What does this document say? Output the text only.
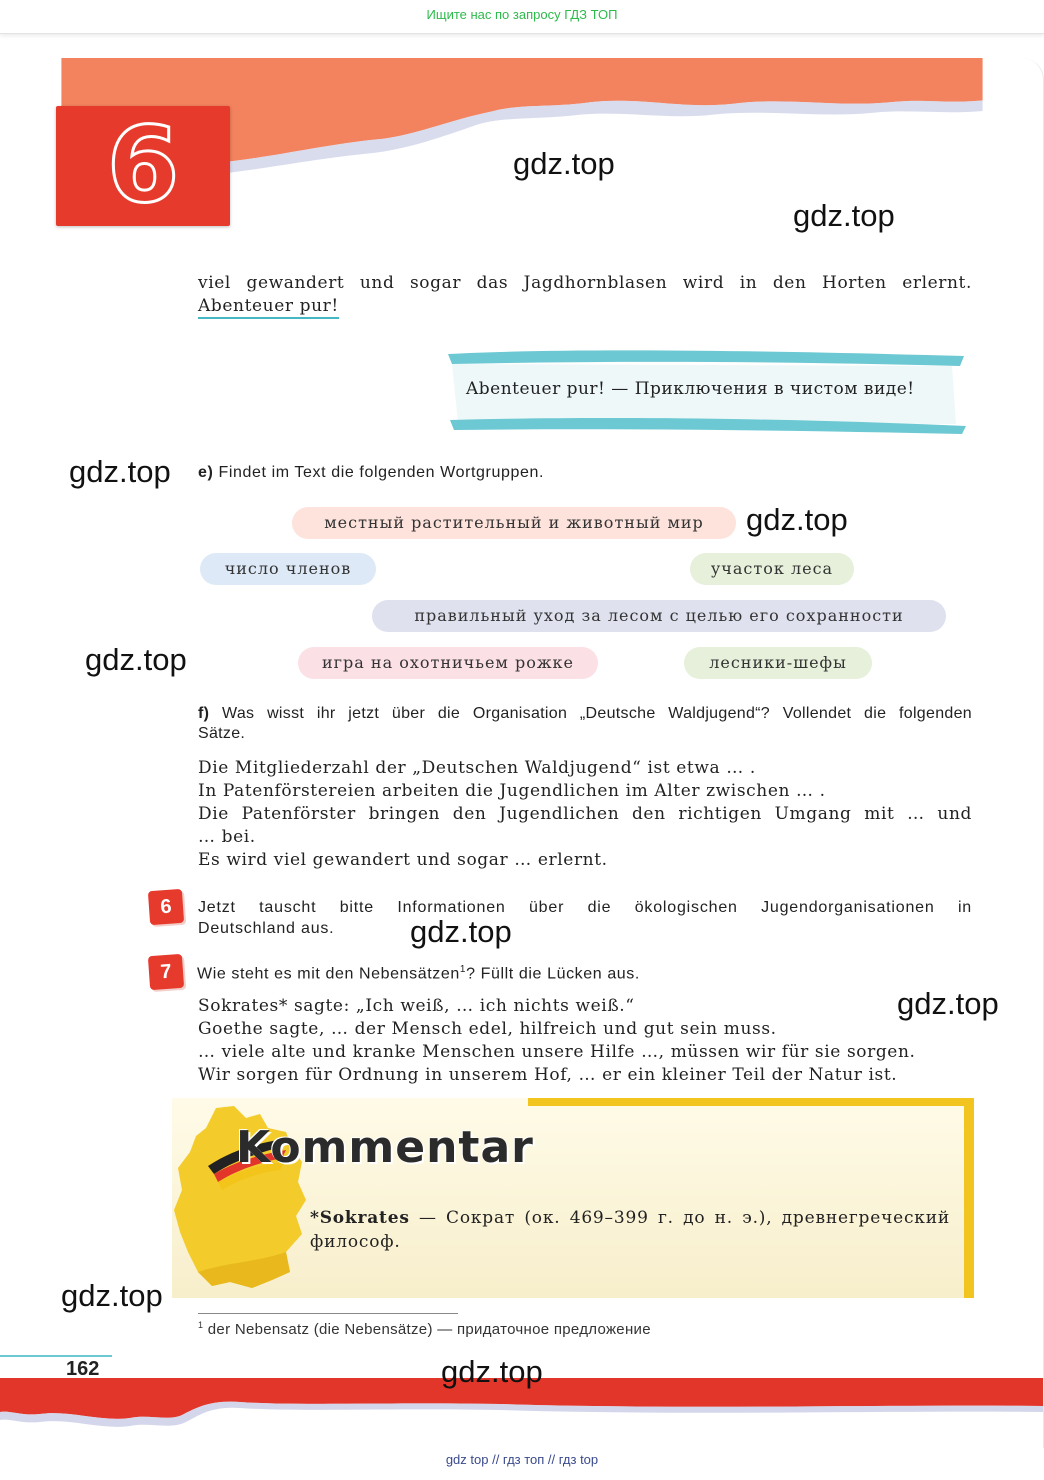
Ищите нас по запросу ГДЗ ТОП
6	gdz.top
gdz.top
viel gewandert und sogar das Jagdhornblasen wird in den Horten erlernt.
Abenteuer pur!
Abenteuer pur! — Приключения в чистом виде!
gdz.top e) Findet im Text die folgenden Wortgruppen.
местный растительный и животный мир	gdz.top
число членов	участок леса
правильный уход за лесом с целью его сохранности
gdz.top	игра на охотничьем рожке	лесники-шефы
f) Was wisst ihr jetzt über die Organisation „Deutsche Waldjugend“? Vollendet die folgenden
Sätze.
Die Mitgliederzahl der „Deutschen Waldjugend“ ist etwa … .
In Patenförstereien arbeiten die Jugendlichen im Alter zwischen … .
Die Patenförster bringen den Jugendlichen den richtigen Umgang mit … und
… bei.
Es wird viel gewandert und sogar … erlernt.
6	Jetzt tauscht bitte Informationen über die ökologischen Jugendorganisationen in
Deutschland aus.	gdz.top
7	Wie steht es mit den Nebensätzen$^1$? Füllt die Lücken aus.
gdz.top
Sokrates* sagte: „Ich weiß, … ich nichts weiß.“
Goethe sagte, … der Mensch edel, hilfreich und gut sein muss.
… viele alte und kranke Menschen unsere Hilfe …, müssen wir für sie sorgen.
Wir sorgen für Ordnung in unserem Hof, … er ein kleiner Teil der Natur ist.
Kommentar
*Sokrates — Сократ (ок. 469–399 г. до н. э.), древнегреческий философ.
gdz.top
$^1$ der Nebensatz (die Nebensätze) — придаточное предложение
162	gdz.top
gdz top // гдз топ // гдз top
